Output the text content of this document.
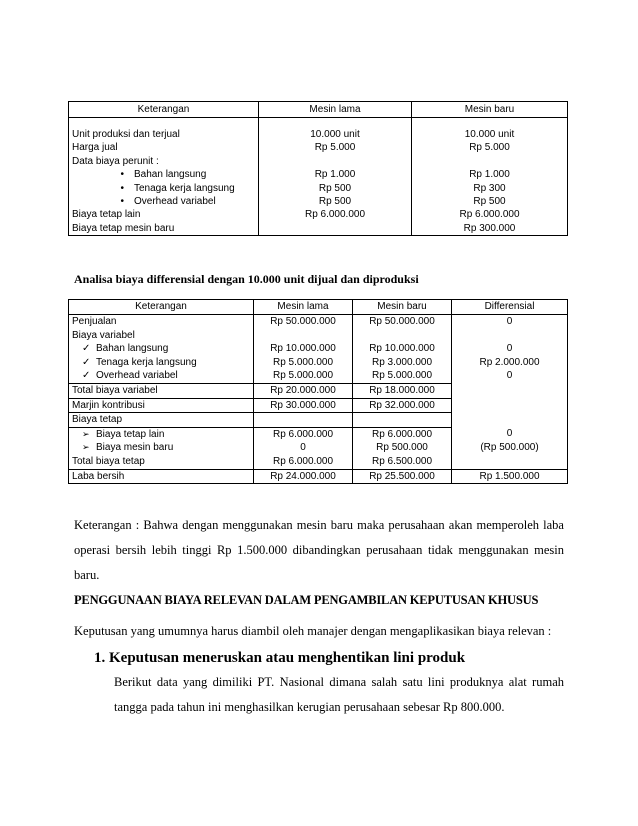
Keterangan	Mesin lama	Mesin baru

Unit produksi dan terjual	10.000 unit	10.000 unit
Harga jual	Rp 5.000	Rp 5.000
Data biaya perunit :		
• Bahan langsung	Rp 1.000	Rp 1.000
• Tenaga kerja langsung	Rp 500	Rp 300
• Overhead variabel	Rp 500	Rp 500
Biaya tetap lain	Rp 6.000.000	Rp 6.000.000
Biaya tetap mesin baru		Rp 300.000
Analisa biaya differensial dengan 10.000 unit dijual dan diproduksi
Keterangan	Mesin lama	Mesin baru	Differensial
Penjualan	Rp 50.000.000	Rp 50.000.000	0
Biaya variabel			
✓ Bahan langsung	Rp 10.000.000	Rp 10.000.000	0
✓ Tenaga kerja langsung	Rp 5.000.000	Rp 3.000.000	Rp 2.000.000
✓ Overhead variabel	Rp 5.000.000	Rp 5.000.000	0
Total biaya variabel	Rp 20.000.000	Rp 18.000.000	
Marjin kontribusi	Rp 30.000.000	Rp 32.000.000	
Biaya tetap			
➢ Biaya tetap lain	Rp 6.000.000	Rp 6.000.000	0
➢ Biaya mesin baru	0	Rp 500.000	(Rp 500.000)
Total biaya tetap	Rp 6.000.000	Rp 6.500.000	
Laba bersih	Rp 24.000.000	Rp 25.500.000	Rp 1.500.000
Keterangan : Bahwa dengan menggunakan mesin baru maka perusahaan akan memperoleh laba operasi bersih lebih tinggi Rp 1.500.000 dibandingkan perusahaan tidak menggunakan mesin baru.
PENGGUNAAN BIAYA RELEVAN DALAM PENGAMBILAN KEPUTUSAN KHUSUS
Keputusan yang umumnya harus diambil oleh manajer dengan mengaplikasikan biaya relevan :
1. Keputusan meneruskan atau menghentikan lini produk
Berikut data yang dimiliki PT. Nasional dimana salah satu lini produknya alat rumah tangga pada tahun ini menghasilkan kerugian perusahaan sebesar Rp 800.000.
